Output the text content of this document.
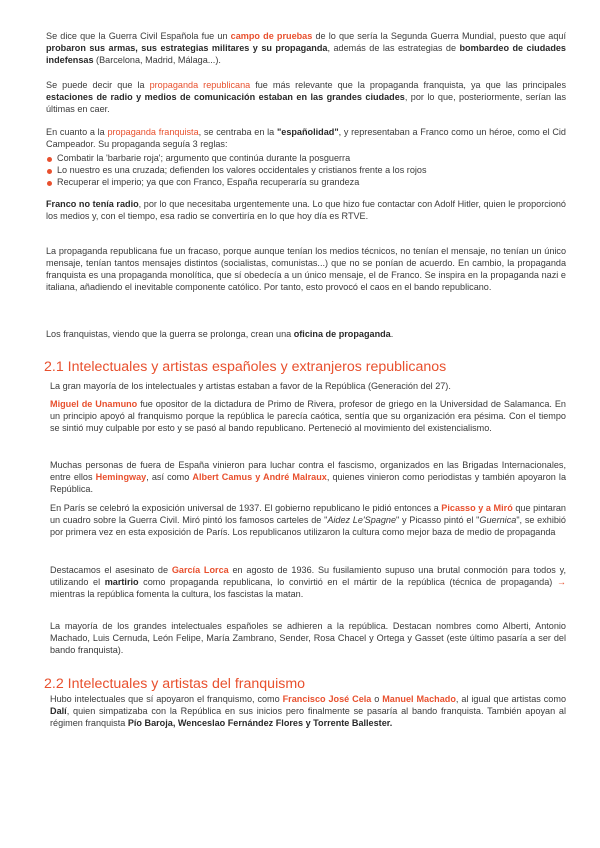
Se dice que la Guerra Civil Española fue un campo de pruebas de lo que sería la Segunda Guerra Mundial, puesto que aquí probaron sus armas, sus estrategias militares y su propaganda, además de las estrategias de bombardeo de ciudades indefensas (Barcelona, Madrid, Málaga...).

Se puede decir que la propaganda republicana fue más relevante que la propaganda franquista, ya que las principales estaciones de radio y medios de comunicación estaban en las grandes ciudades, por lo que, posteriormente, serían las últimas en caer.

En cuanto a la propaganda franquista, se centraba en la "españolidad", y representaban a Franco como un héroe, como el Cid Campeador. Su propaganda seguía 3 reglas:

Combatir la 'barbarie roja'; argumento que continúa durante la posguerra
Lo nuestro es una cruzada; defienden los valores occidentales y cristianos frente a los rojos
Recuperar el imperio; ya que con Franco, España recuperaría su grandeza

Franco no tenía radio, por lo que necesitaba urgentemente una. Lo que hizo fue contactar con Adolf Hitler, quien le proporcionó los medios y, con el tiempo, esa radio se convertiría en lo que hoy día es RTVE.

La propaganda republicana fue un fracaso, porque aunque tenían los medios técnicos, no tenían el mensaje, no tenían un único mensaje, tenían tantos mensajes distintos (socialistas, comunistas...) que no se ponían de acuerdo. En cambio, la propaganda franquista es una propaganda monolítica, que sí obedecía a un único mensaje, el de Franco. Se inspira en la propaganda nazi e italiana, añadiendo el inevitable componente católico. Por tanto, esto provocó el caos en el bando republicano.

Los franquistas, viendo que la guerra se prolonga, crean una oficina de propaganda.

2.1 Intelectuales y artistas españoles y extranjeros republicanos

La gran mayoría de los intelectuales y artistas estaban a favor de la República (Generación del 27).

Miguel de Unamuno fue opositor de la dictadura de Primo de Rivera, profesor de griego en la Universidad de Salamanca. En un principio apoyó al franquismo porque la república le parecía caótica, sentía que su organización era pésima. Con el tiempo se sintió muy culpable por esto y se pasó al bando republicano. Perteneció al movimiento del existencialismo.

Muchas personas de fuera de España vinieron para luchar contra el fascismo, organizados en las Brigadas Internacionales, entre ellos Hemingway, así como Albert Camus y André Malraux, quienes vinieron como periodistas y también apoyaron la República.

En París se celebró la exposición universal de 1937. El gobierno republicano le pidió entonces a Picasso y a Miró que pintaran un cuadro sobre la Guerra Civil. Miró pintó los famosos carteles de "Aidez Le'Spagne" y Picasso pintó el "Guernica", se exhibió por primera vez en esta exposición de París. Los republicanos utilizaron la cultura como mejor baza de medio de propaganda

Destacamos el asesinato de García Lorca en agosto de 1936. Su fusilamiento supuso una brutal conmoción para todos y, utilizando el martirio como propaganda republicana, lo convirtió en el mártir de la república (técnica de propaganda) → mientras la república fomenta la cultura, los fascistas la matan.

La mayoría de los grandes intelectuales españoles se adhieren a la república. Destacan nombres como Alberti, Antonio Machado, Luis Cernuda, León Felipe, María Zambrano, Sender, Rosa Chacel y Ortega y Gasset (este último pasaría a ser del bando franquista).

2.2 Intelectuales y artistas del franquismo

Hubo intelectuales que sí apoyaron el franquismo, como Francisco José Cela o Manuel Machado, al igual que artistas como Dalí, quien simpatizaba con la República en sus inicios pero finalmente se pasaría al bando franquista. También apoyan al régimen franquista Pío Baroja, Wenceslao Fernández Flores y Torrente Ballester.
